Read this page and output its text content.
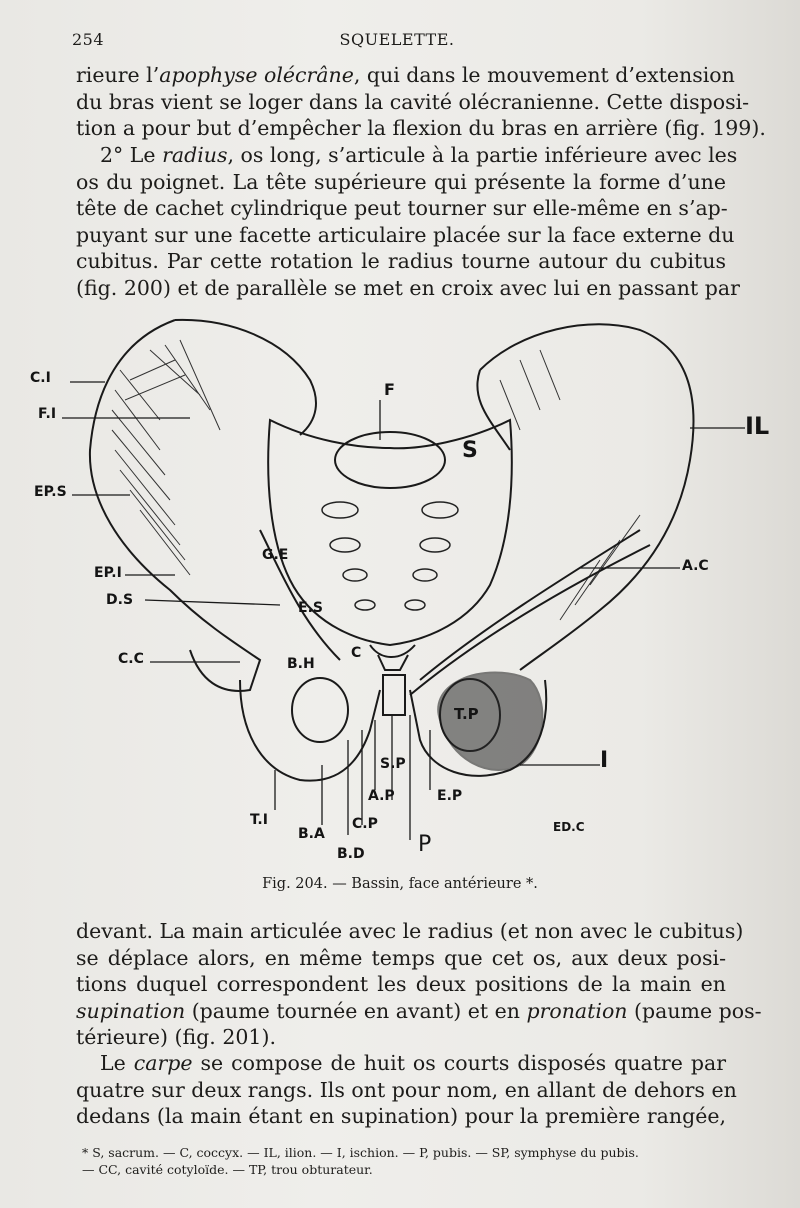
254	SQUELETTE.
rieure l’apophyse olécrâne, qui dans le mouvement d’extension
du bras vient se loger dans la cavité olécranienne. Cette disposi-
tion a pour but d’empêcher la flexion du bras en arrière (fig. 199).
2° Le radius, os long, s’articule à la partie inférieure avec les
os du poignet. La tête supérieure qui présente la forme d’une
tête de cachet cylindrique peut tourner sur elle-même en s’ap-
puyant sur une facette articulaire placée sur la face externe du
cubitus. Par cette rotation le radius tourne autour du cubitus
(fig. 200) et de parallèle se met en croix avec lui en passant par
C.I
F.I
EP.S
EP.I
D.S
C.C
G.E
E.S
B.H
C
F
S
IL
A.C
T.P
I
S.P
A.P	E.P
T.I
B.A
C.P
B.D P
ED.C
Fig. 204. — Bassin, face antérieure *.
devant. La main articulée avec le radius (et non avec le cubitus)
se déplace alors, en même temps que cet os, aux deux posi-
tions duquel correspondent les deux positions de la main en
supination (paume tournée en avant) et en pronation (paume pos-
térieure) (fig. 201).
Le carpe se compose de huit os courts disposés quatre par
quatre sur deux rangs. Ils ont pour nom, en allant de dehors en
dedans (la main étant en supination) pour la première rangée,
* S, sacrum. — C, coccyx. — IL, ilion. — I, ischion. — P, pubis. — SP, symphyse du pubis.
— CC, cavité cotyloïde. — TP, trou obturateur.
